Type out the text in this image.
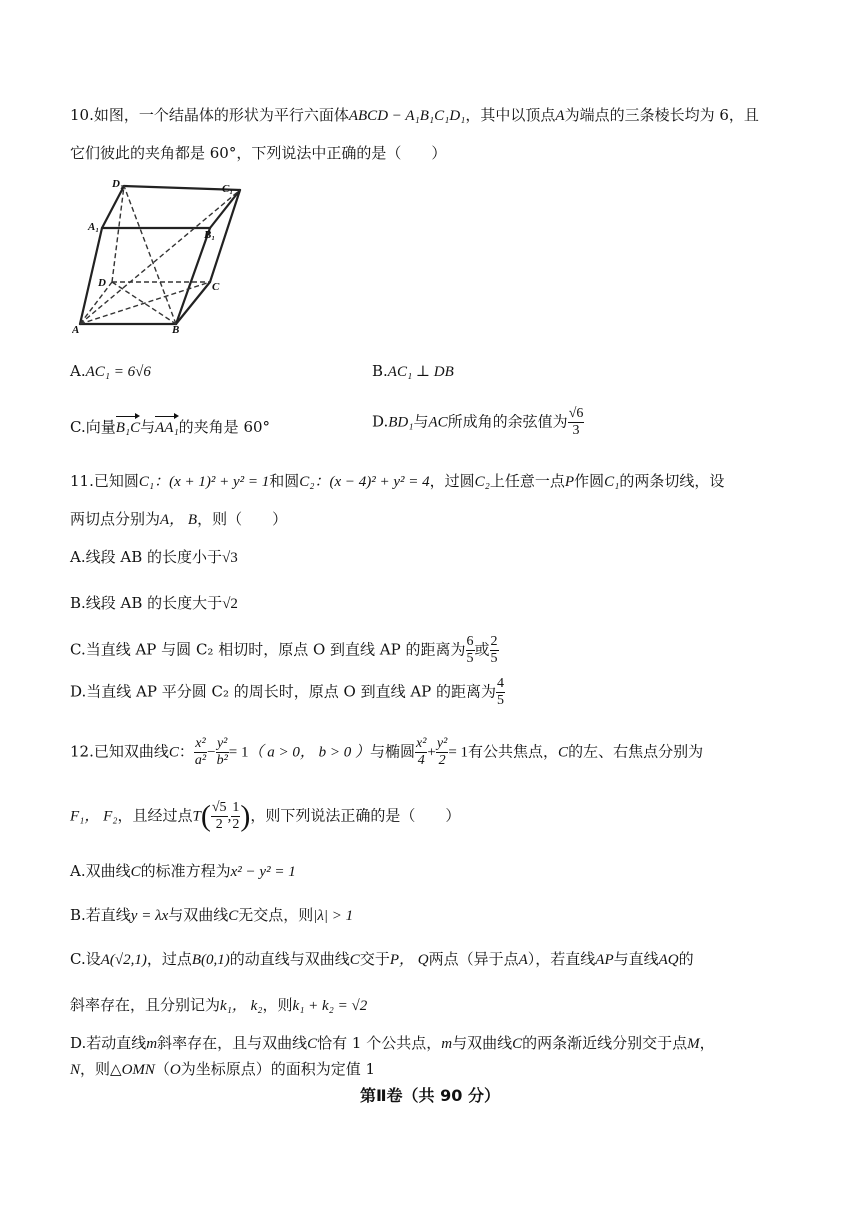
10.如图，一个结晶体的形状为平行六面体ABCD − A₁B₁C₁D₁，其中以顶点A为端点的三条棱长均为 6，且
它们彼此的夹角都是 60°，下列说法中正确的是（　　）
D₁	C₁
A₁
B₁
D	C
A	B
A.AC₁ = 6√6	B.AC₁ ⊥ DB
C.向量B₁C与AA₁的夹角是 60°	D.BD₁与AC所成角的余弦值为 $\frac{√6}{3}$
11.已知圆C₁：(x + 1)² + y² = 1和圆C₂：(x − 4)² + y² = 4，过圆C₂上任意一点P作圆C₁的两条切线，设
两切点分别为A， B，则（　　）
A.线段 AB 的长度小于√3
B.线段 AB 的长度大于√2
C.当直线 AP 与圆 C₂ 相切时，原点 O 到直线 AP 的距离为 $\frac{6}{5}$ 或 $\frac{2}{5}$
D.当直线 AP 平分圆 C₂ 的周长时，原点 O 到直线 AP 的距离为 $\frac{4}{5}$
12.已知双曲线C： $\frac{\text{x²}}{\text{a²}} - \frac{\text{y²}}{\text{b²}} = 1$（ a > 0， b > 0 ）与椭圆 $\frac{\text{x²}}{4} + \frac{\text{y²}}{2} = 1$有公共焦点，C的左、右焦点分别为
F₁， F₂，且经过点$T( \frac{√5}{2}$ , $\frac{1}{2}$ )，则下列说法正确的是（　　）
A.双曲线C的标准方程为x² − y² = 1
B.若直线y = λx与双曲线C无交点，则|λ| > 1
C.设A(√2,1)，过点B(0,1)的动直线与双曲线C交于P， Q两点（异于点A），若直线AP与直线AQ的
斜率存在，且分别记为k₁， k₂，则k₁ + k₂ = √2
D.若动直线m斜率存在，且与双曲线C恰有 1 个公共点，m与双曲线C的两条渐近线分别交于点M，
N，则△OMN（O为坐标原点）的面积为定值 1
第Ⅱ卷（共 90 分）
